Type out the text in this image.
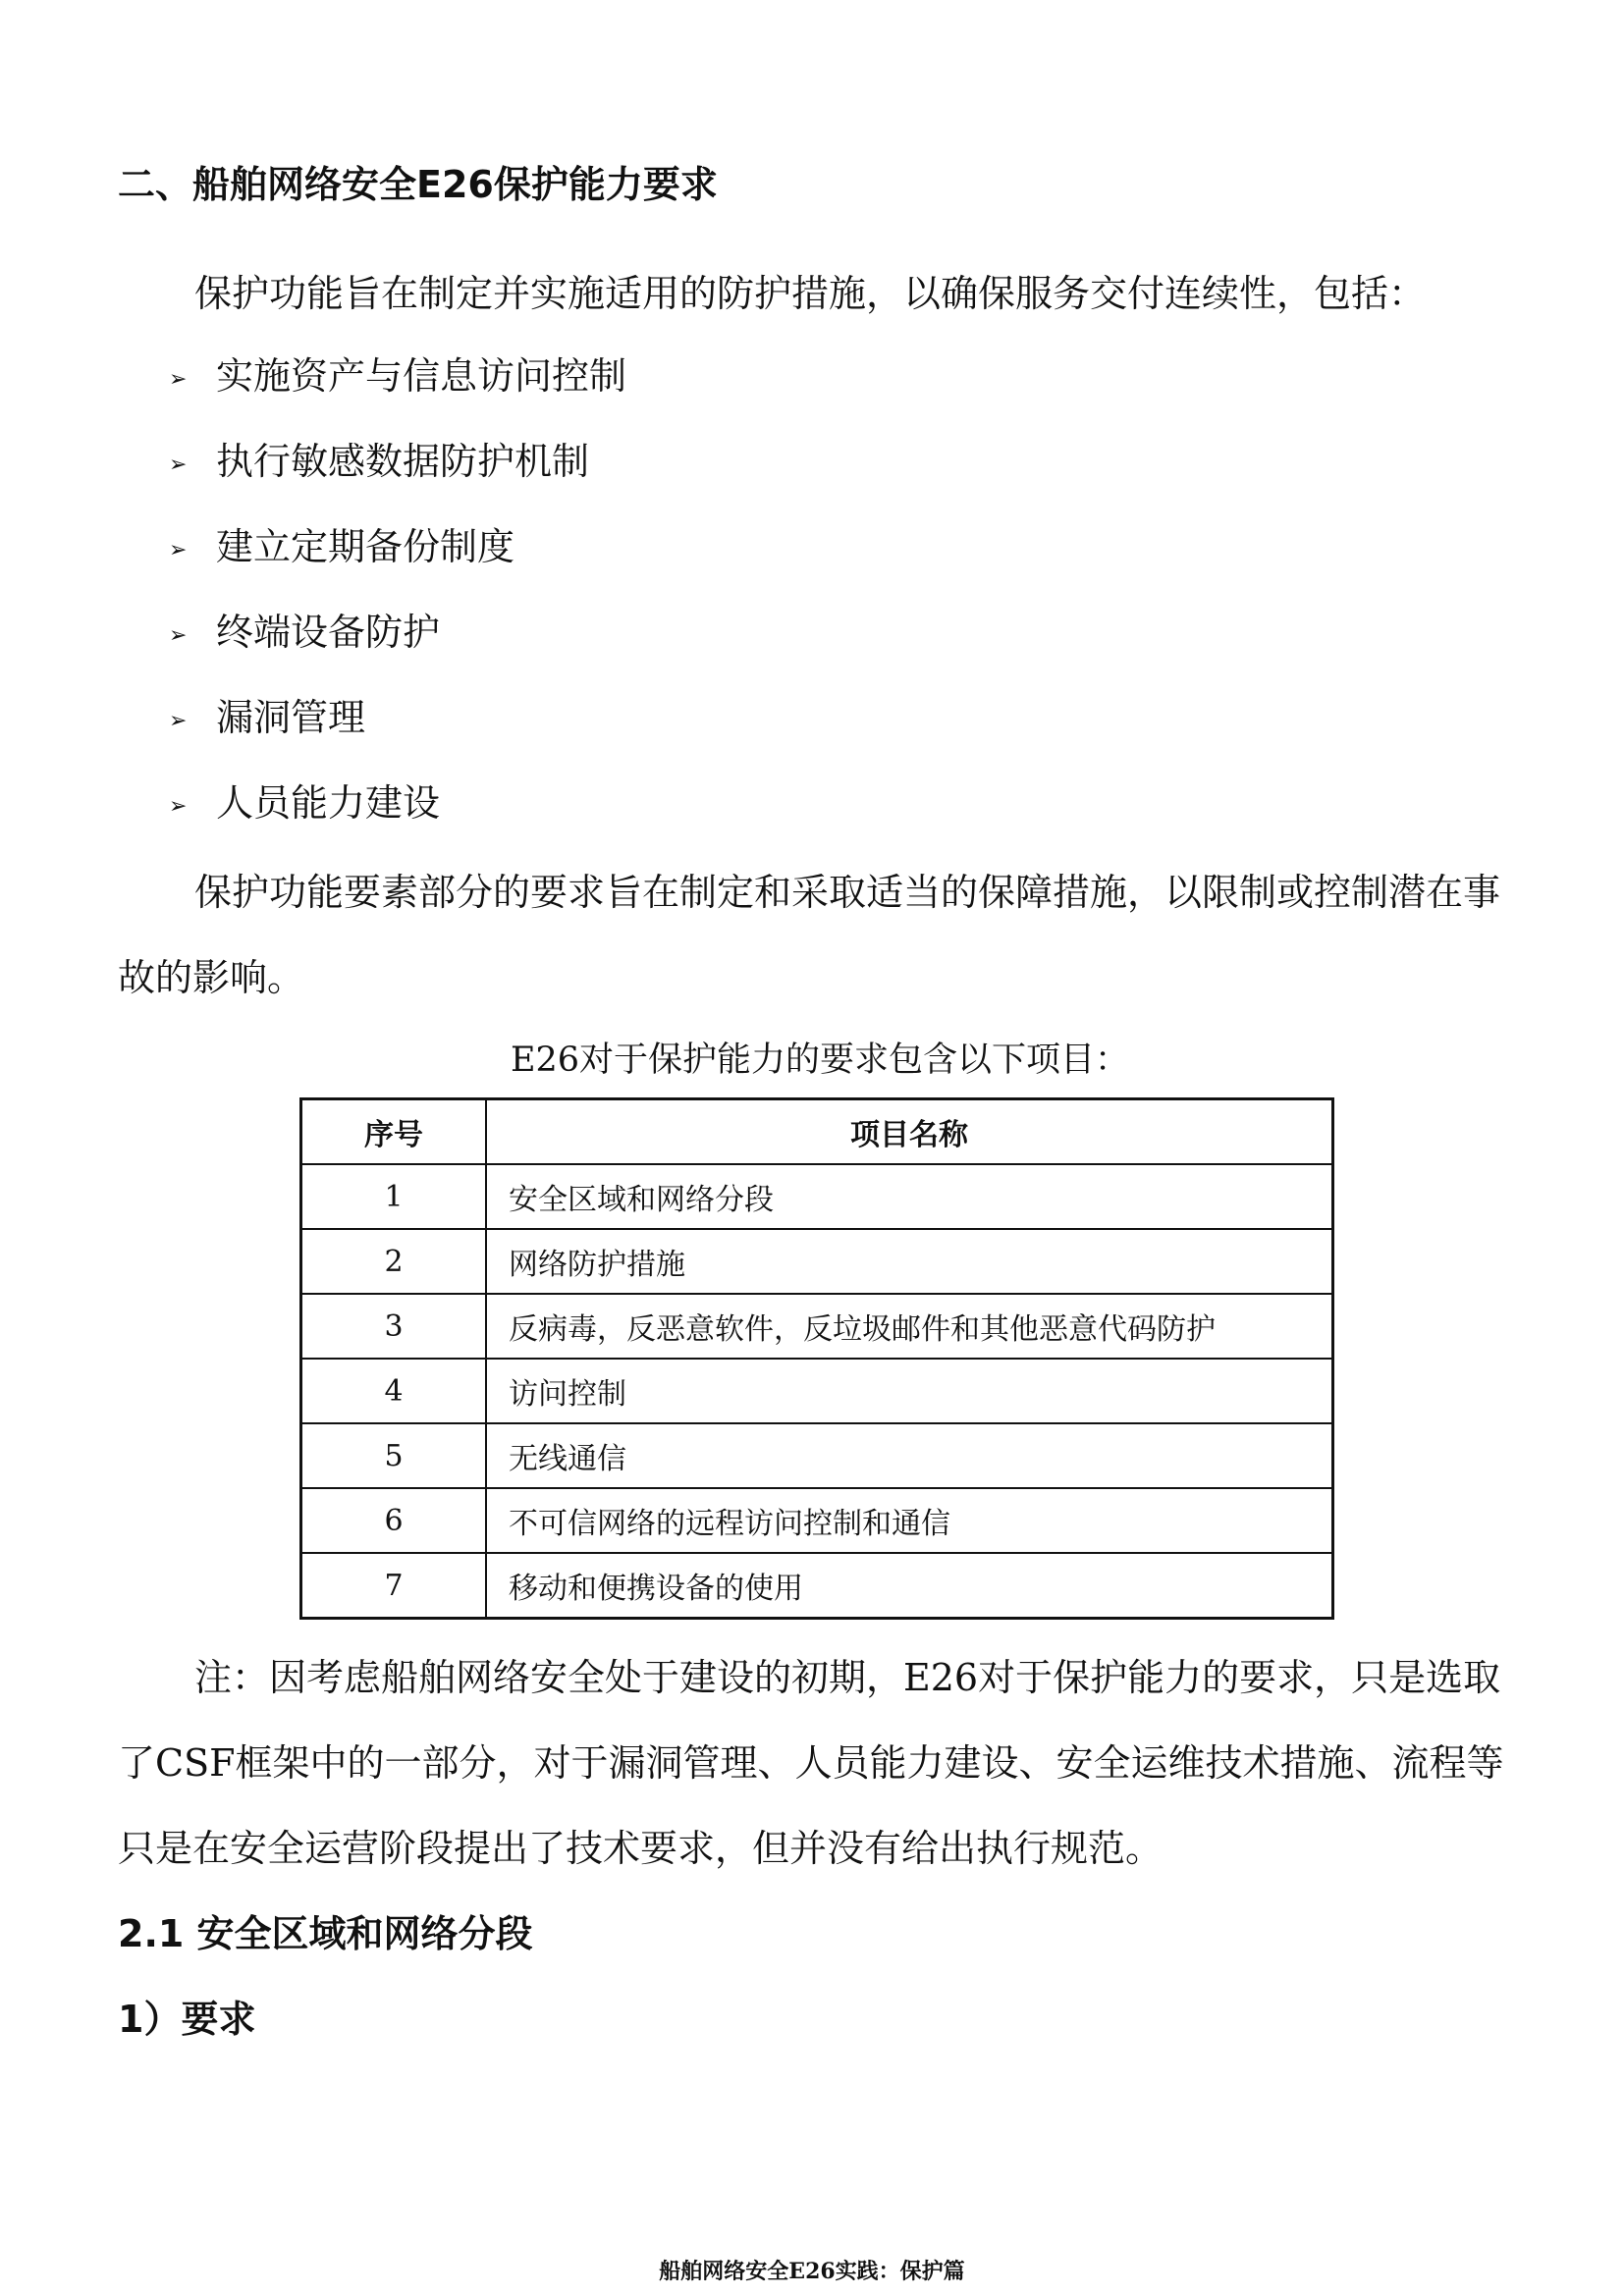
二、船舶网络安全E26保护能力要求
保护功能旨在制定并实施适用的防护措施，以确保服务交付连续性，包括：
➢ 实施资产与信息访问控制
➢ 执行敏感数据防护机制
➢ 建立定期备份制度
➢ 终端设备防护
➢ 漏洞管理
➢ 人员能力建设
保护功能要素部分的要求旨在制定和采取适当的保障措施，以限制或控制潜在事故的影响。
E26对于保护能力的要求包含以下项目：
序号	项目名称
1	安全区域和网络分段
2	网络防护措施
3	反病毒，反恶意软件，反垃圾邮件和其他恶意代码防护
4	访问控制
5	无线通信
6	不可信网络的远程访问控制和通信
7	移动和便携设备的使用
注：因考虑船舶网络安全处于建设的初期，E26对于保护能力的要求，只是选取了CSF框架中的一部分，对于漏洞管理、人员能力建设、安全运维技术措施、流程等只是在安全运营阶段提出了技术要求，但并没有给出执行规范。
2.1 安全区域和网络分段
1）要求
船舶网络安全E26实践：保护篇
